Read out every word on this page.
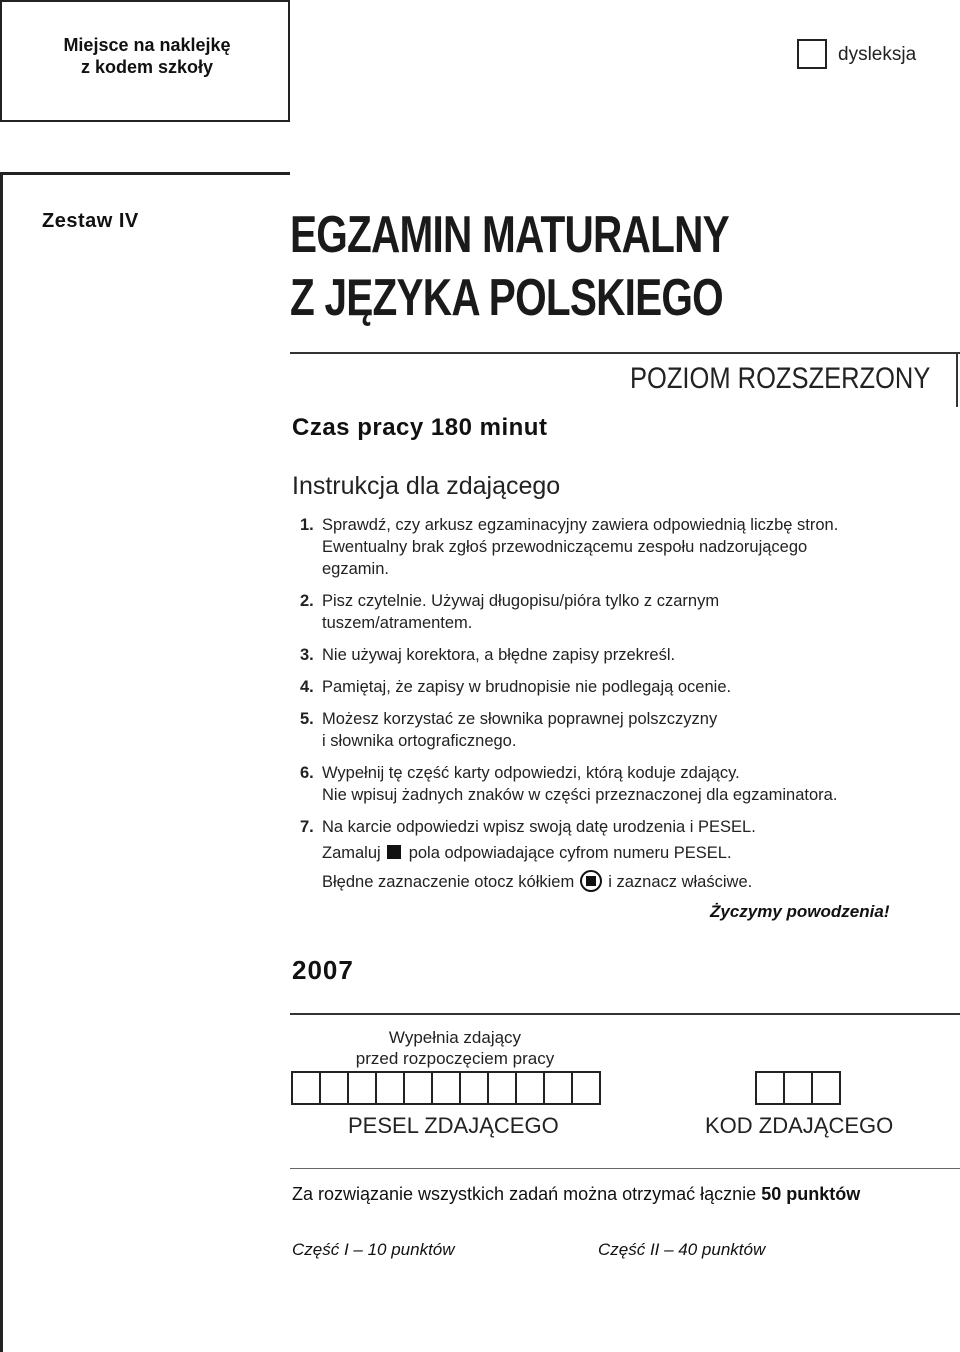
Miejsce na naklejkę
z kodem szkoły
dysleksja
Zestaw IV	EGZAMIN MATURALNY
Z JĘZYKA POLSKIEGO
POZIOM ROZSZERZONY
Czas pracy 180 minut
Instrukcja dla zdającego
1. Sprawdź, czy arkusz egzaminacyjny zawiera odpowiednią liczbę stron.
Ewentualny brak zgłoś przewodniczącemu zespołu nadzorującego
egzamin.
2. Pisz czytelnie. Używaj długopisu/pióra tylko z czarnym
tuszem/atramentem.
3. Nie używaj korektora, a błędne zapisy przekreśl.
4. Pamiętaj, że zapisy w brudnopisie nie podlegają ocenie.
5. Możesz korzystać ze słownika poprawnej polszczyzny
i słownika ortograficznego.
6. Wypełnij tę część karty odpowiedzi, którą koduje zdający.
Nie wpisuj żadnych znaków w części przeznaczonej dla egzaminatora.
7. Na karcie odpowiedzi wpisz swoją datę urodzenia i PESEL.
Zamaluj pola odpowiadające cyfrom numeru PESEL.
Błędne zaznaczenie otocz kółkiem i zaznacz właściwe.
Życzymy powodzenia!
2007
Wypełnia zdający
przed rozpoczęciem pracy
PESEL ZDAJĄCEGO	KOD ZDAJĄCEGO
Za rozwiązanie wszystkich zadań można otrzymać łącznie 50 punktów
Część I – 10 punktów	Część II – 40 punktów
